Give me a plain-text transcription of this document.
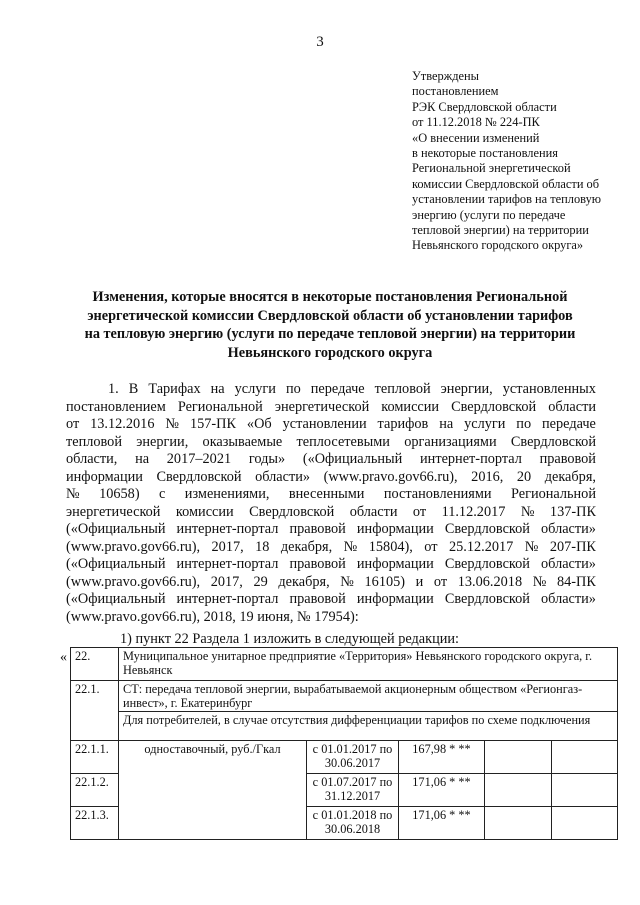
3
Утверждены
постановлением
РЭК Свердловской области
от 11.12.2018 № 224-ПК
«О внесении изменений
в некоторые постановления
Региональной энергетической
комиссии Свердловской области об
установлении тарифов на тепловую
энергию (услуги по передаче
тепловой энергии) на территории
Невьянского городского округа»
Изменения, которые вносятся в некоторые постановления Региональной
энергетической комиссии Свердловской области об установлении тарифов
на тепловую энергию (услуги по передаче тепловой энергии) на территории
Невьянского городского округа
1. В Тарифах на услуги по передаче тепловой энергии, установленных
постановлением Региональной энергетической комиссии Свердловской области
от 13.12.2016 № 157-ПК «Об установлении тарифов на услуги по передаче
тепловой энергии, оказываемые теплосетевыми организациями Свердловской
области, на 2017–2021 годы» («Официальный интернет-портал правовой
информации Свердловской области» (www.pravo.gov66.ru), 2016, 20 декабря,
№ 10658) с изменениями, внесенными постановлениями Региональной
энергетической комиссии Свердловской области от 11.12.2017 № 137-ПК
(«Официальный интернет-портал правовой информации Свердловской области»
(www.pravo.gov66.ru), 2017, 18 декабря, № 15804), от 25.12.2017 № 207-ПК
(«Официальный интернет-портал правовой информации Свердловской области»
(www.pravo.gov66.ru), 2017, 29 декабря, № 16105) и от 13.06.2018 № 84-ПК
(«Официальный интернет-портал правовой информации Свердловской области»
(www.pravo.gov66.ru), 2018, 19 июня, № 17954):
1) пункт 22 Раздела 1 изложить в следующей редакции:
« 22.	Муниципальное унитарное предприятие «Территория» Невьянского городского округа, г. Невьянск				
22.1.	СТ: передача тепловой энергии, вырабатываемой акционерным обществом «Регионгаз-инвест», г. Екатеринбург				
	Для потребителей, в случае отсутствия дифференциации тарифов по схеме подключения				
22.1.1.	одноставочный, руб./Гкал	с 01.01.2017 по 30.06.2017	167,98 * **		
22.1.2.		с 01.07.2017 по 31.12.2017	171,06 * **		
22.1.3.		с 01.01.2018 по 30.06.2018	171,06 * **		
